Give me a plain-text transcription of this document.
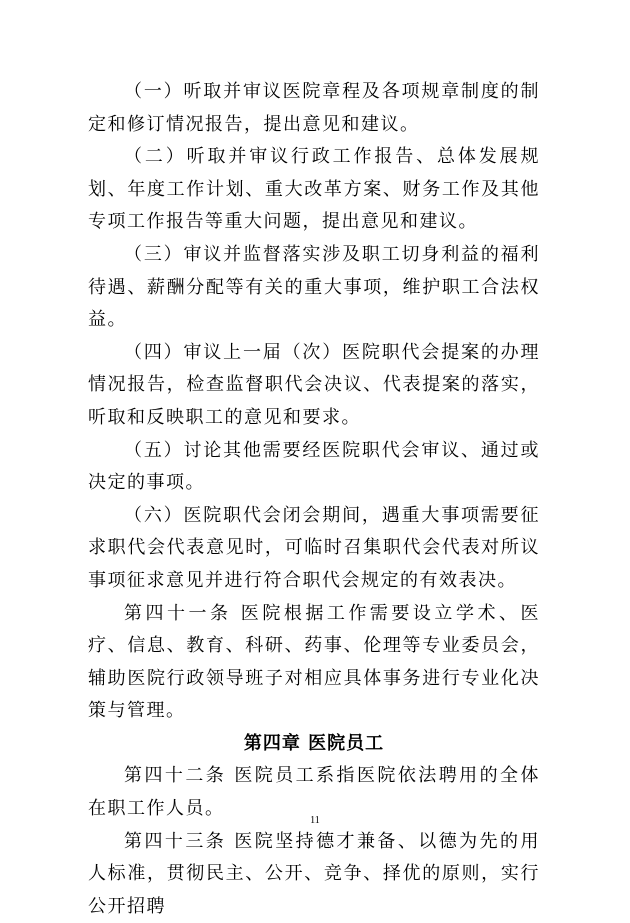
（一）听取并审议医院章程及各项规章制度的制定和修订情况报告，提出意见和建议。

（二）听取并审议行政工作报告、总体发展规划、年度工作计划、重大改革方案、财务工作及其他专项工作报告等重大问题，提出意见和建议。

（三）审议并监督落实涉及职工切身利益的福利待遇、薪酬分配等有关的重大事项，维护职工合法权益。

（四）审议上一届（次）医院职代会提案的办理情况报告，检查监督职代会决议、代表提案的落实，听取和反映职工的意见和要求。

（五）讨论其他需要经医院职代会审议、通过或决定的事项。

（六）医院职代会闭会期间，遇重大事项需要征求职代会代表意见时，可临时召集职代会代表对所议事项征求意见并进行符合职代会规定的有效表决。

第四十一条 医院根据工作需要设立学术、医疗、信息、教育、科研、药事、伦理等专业委员会，辅助医院行政领导班子对相应具体事务进行专业化决策与管理。

第四章 医院员工

第四十二条 医院员工系指医院依法聘用的全体在职工作人员。

第四十三条 医院坚持德才兼备、以德为先的用人标准，贯彻民主、公开、竞争、择优的原则，实行公开招聘

11
